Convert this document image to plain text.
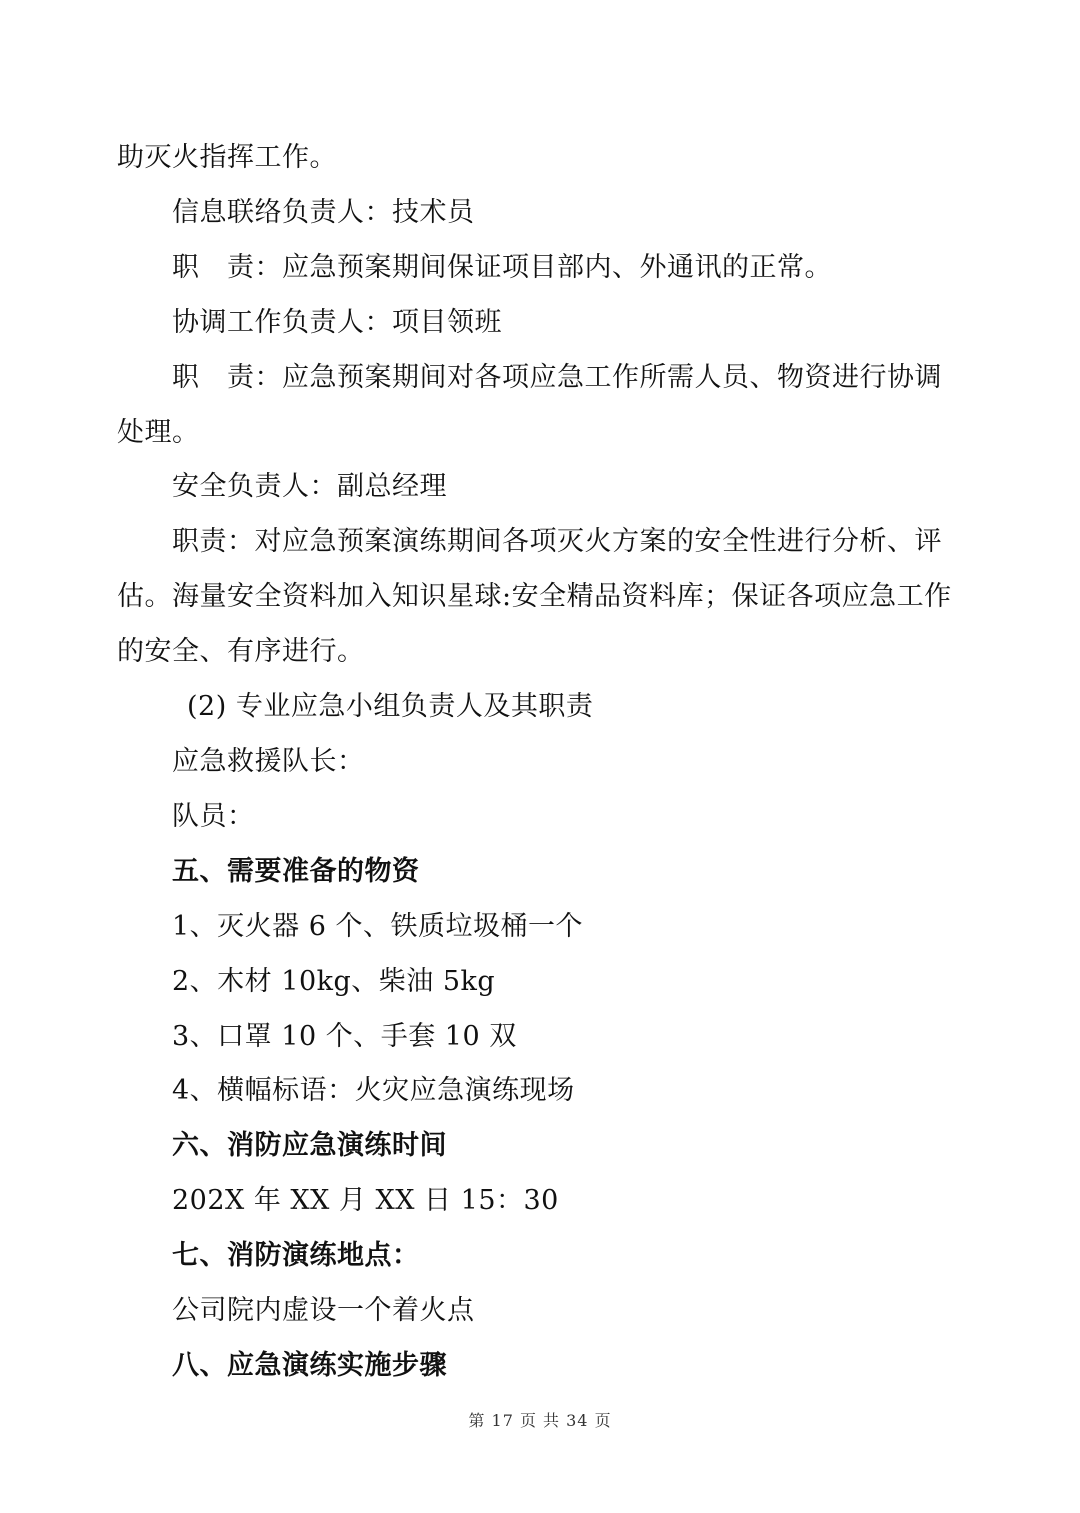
助灭火指挥工作。
信息联络负责人：技术员
职　责：应急预案期间保证项目部内、外通讯的正常。
协调工作负责人：项目领班
职　责：应急预案期间对各项应急工作所需人员、物资进行协调
处理。
安全负责人：副总经理
职责：对应急预案演练期间各项灭火方案的安全性进行分析、评
估。海量安全资料加入知识星球:安全精品资料库；保证各项应急工作
的安全、有序进行。
(2) 专业应急小组负责人及其职责
应急救援队长：
队员：
五、需要准备的物资
1、灭火器 6 个、铁质垃圾桶一个
2、木材 10kg、柴油 5kg
3、口罩 10 个、手套 10 双
4、横幅标语：火灾应急演练现场
六、消防应急演练时间
202X 年 XX 月 XX 日 15：30
七、消防演练地点：
公司院内虚设一个着火点
八、应急演练实施步骤
第 17 页 共 34 页
